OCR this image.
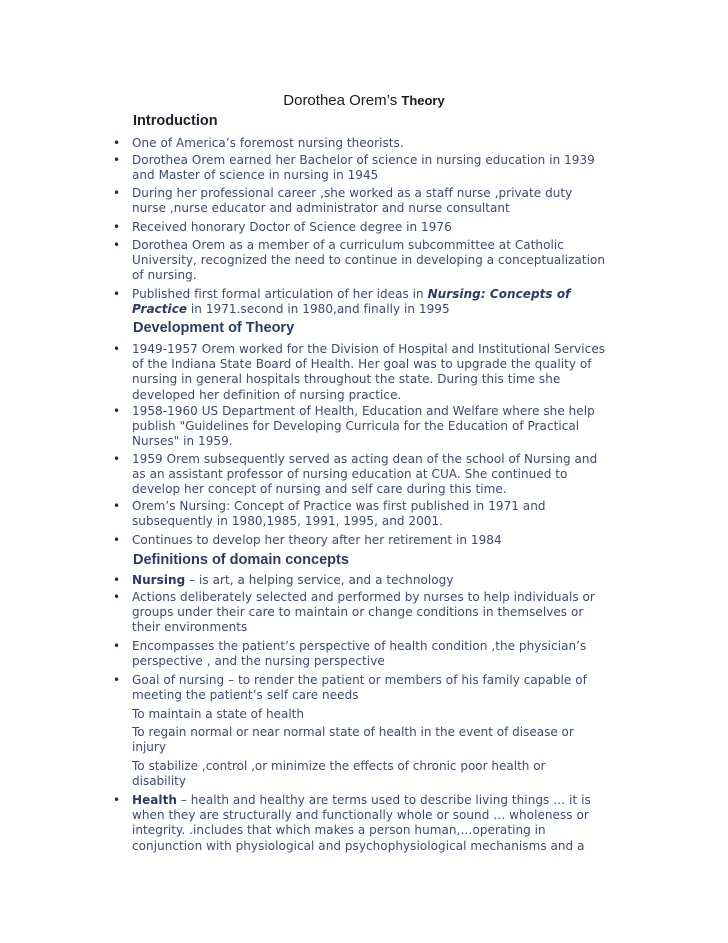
Dorothea Orem’s Theory
Introduction
• One of America’s foremost nursing theorists.
• Dorothea Orem earned her Bachelor of science in nursing education in 1939 and Master of science in nursing in 1945
• During her professional career ,she worked as a staff nurse ,private duty nurse ,nurse educator and administrator and nurse consultant
• Received honorary Doctor of Science degree in 1976
• Dorothea Orem as a member of a curriculum subcommittee at Catholic University, recognized the need to continue in developing a conceptualization of nursing.
• Published first formal articulation of her ideas in Nursing: Concepts of Practice in 1971.second in 1980,and finally in 1995
Development of Theory
• 1949-1957 Orem worked for the Division of Hospital and Institutional Services of the Indiana State Board of Health. Her goal was to upgrade the quality of nursing in general hospitals throughout the state. During this time she developed her definition of nursing practice.
• 1958-1960 US Department of Health, Education and Welfare where she help publish "Guidelines for Developing Curricula for the Education of Practical Nurses" in 1959.
• 1959 Orem subsequently served as acting dean of the school of Nursing and as an assistant professor of nursing education at CUA. She continued to develop her concept of nursing and self care during this time.
• Orem’s Nursing: Concept of Practice was first published in 1971 and subsequently in 1980,1985, 1991, 1995, and 2001.
• Continues to develop her theory after her retirement in 1984
Definitions of domain concepts
• Nursing – is art, a helping service, and a technology
• Actions deliberately selected and performed by nurses to help individuals or groups under their care to maintain or change conditions in themselves or their environments
• Encompasses the patient’s perspective of health condition ,the physician’s perspective , and the nursing perspective
• Goal of nursing – to render the patient or members of his family capable of meeting the patient’s self care needs
To maintain a state of health
To regain normal or near normal state of health in the event of disease or injury
To stabilize ,control ,or minimize the effects of chronic poor health or disability
• Health – health and healthy are terms used to describe living things … it is when they are structurally and functionally whole or sound … wholeness or integrity. .includes that which makes a person human,…operating in conjunction with physiological and psychophysiological mechanisms and a
